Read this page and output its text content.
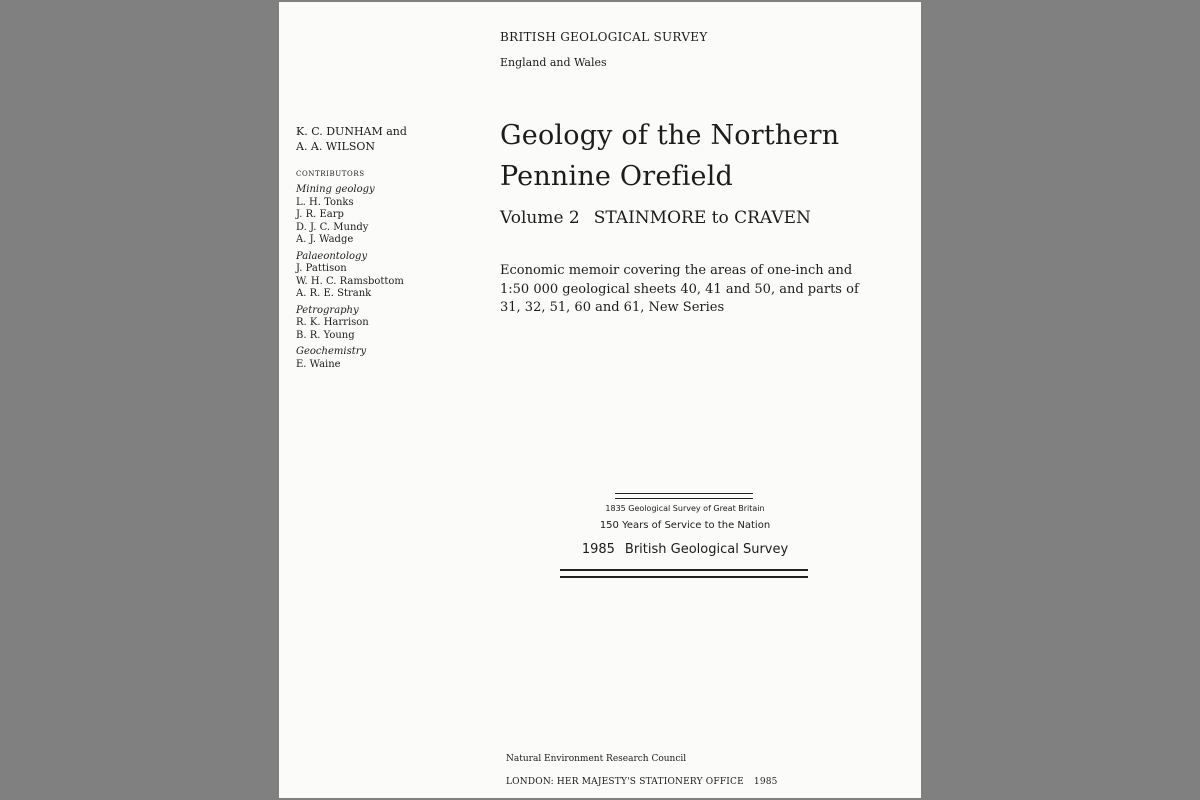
BRITISH GEOLOGICAL SURVEY
England and Wales
K. C. DUNHAM and
A. A. WILSON
CONTRIBUTORS
Mining geology
L. H. Tonks
J. R. Earp
D. J. C. Mundy
A. J. Wadge
Palaeontology
J. Pattison
W. H. C. Ramsbottom
A. R. E. Strank
Petrography
R. K. Harrison
B. R. Young
Geochemistry
E. Waine
Geology of the Northern
Pennine Orefield
Volume 2 STAINMORE to CRAVEN
Economic memoir covering the areas of one-inch and
1:50 000 geological sheets 40, 41 and 50, and parts of
31, 32, 51, 60 and 61, New Series
1835 Geological Survey of Great Britain
150 Years of Service to the Nation
1985 British Geological Survey
Natural Environment Research Council
LONDON: HER MAJESTY'S STATIONERY OFFICE 1985
